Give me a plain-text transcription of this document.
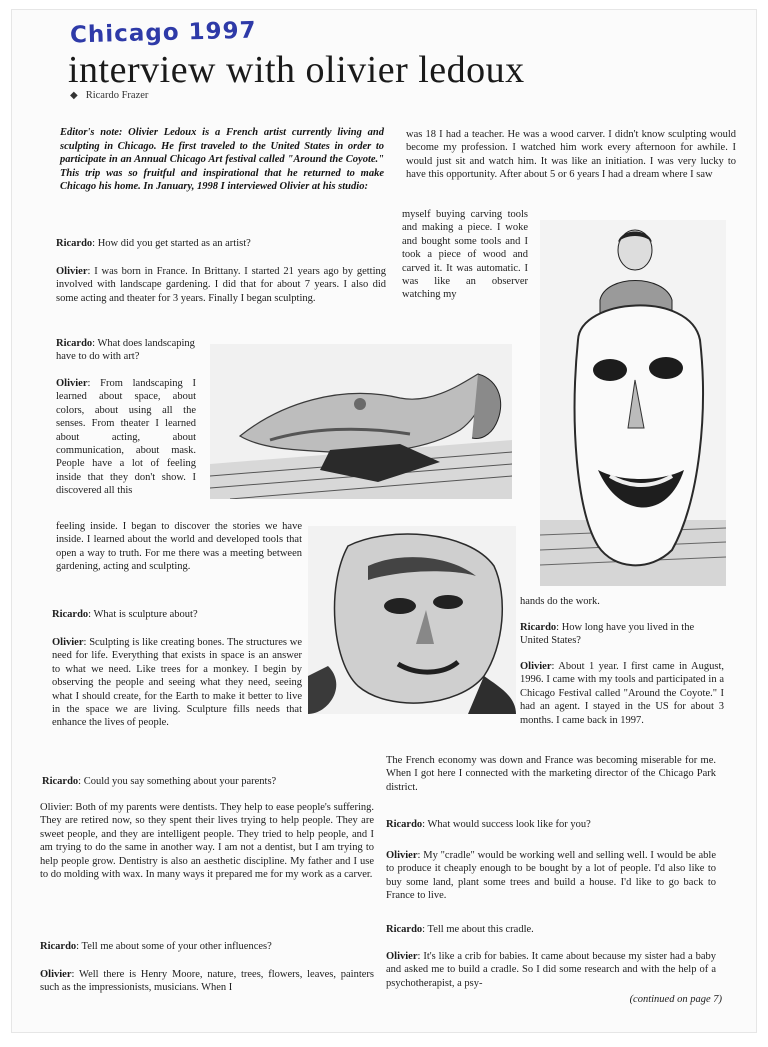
Chicago 1997
interview with olivier ledoux
◆ Ricardo Frazer

Editor's note: Olivier Ledoux is a French artist currently living and sculpting in Chicago. He first traveled to the United States in order to participate in an Annual Chicago Art festival called "Around the Coyote." This trip was so fruitful and inspirational that he returned to make Chicago his home. In January, 1998 I interviewed Olivier at his studio:

Ricardo: How did you get started as an artist?

Olivier: I was born in France. In Brittany. I started 21 years ago by getting involved with landscape gardening. I did that for about 7 years. I also did some acting and theater for 3 years. Finally I began sculpting.

Ricardo: What does landscaping have to do with art?

Olivier: From landscaping I learned about space, about colors, about using all the senses. From theater I learned about acting, about communication, about mask. People have a lot of feeling inside that they don't show. I discovered all this

feeling inside. I began to discover the stories we have inside. I learned about the world and developed tools that open a way to truth. For me there was a meeting between gardening, acting and sculpting.

Ricardo: What is sculpture about?

Olivier: Sculpting is like creating bones. The structures we need for life. Everything that exists in space is an answer to what we need. Like trees for a monkey. I begin by observing the people and seeing what they need, seeing what I should create, for the Earth to make it better to live in the space we are living. Sculpture fills needs that enhance the lives of people.

Ricardo: Could you say something about your parents?

Olivier: Both of my parents were dentists. They help to ease people's suffering. They are retired now, so they spent their lives trying to help people. They are sweet people, and they are intelligent people. They tried to help people, and I am trying to do the same in another way. I am not a dentist, but I am trying to help people grow. Dentistry is also an aesthetic discipline. My father and I use to do molding with wax. In many ways it prepared me for my work as a carver.

Ricardo: Tell me about some of your other influences?

Olivier: Well there is Henry Moore, nature, trees, flowers, leaves, painters such as the impressionists, musicians. When I

was 18 I had a teacher. He was a wood carver. I didn't know sculpting would become my profession. I watched him work every afternoon for awhile. I would just sit and watch him. It was like an initiation. I was very lucky to have this opportunity. After about 5 or 6 years I had a dream where I saw

myself buying carving tools and making a piece. I woke and bought some tools and I took a piece of wood and carved it. It was automatic. I was like an observer watching my

hands do the work.

Ricardo: How long have you lived in the United States?

Olivier: About 1 year. I first came in August, 1996. I came with my tools and participated in a Chicago Festival called "Around the Coyote." I had an agent. I stayed in the US for about 3 months. I came back in 1997.

The French economy was down and France was becoming miserable for me. When I got here I connected with the marketing director of the Chicago Park district.

Ricardo: What would success look like for you?

Olivier: My "cradle" would be working well and selling well. I would be able to produce it cheaply enough to be bought by a lot of people. I'd also like to buy some land, plant some trees and build a house. I'd like to go back to France to live.

Ricardo: Tell me about this cradle.

Olivier: It's like a crib for babies. It came about because my sister had a baby and asked me to build a cradle. So I did some research and with the help of a psychotherapist, a psy-

(continued on page 7)
